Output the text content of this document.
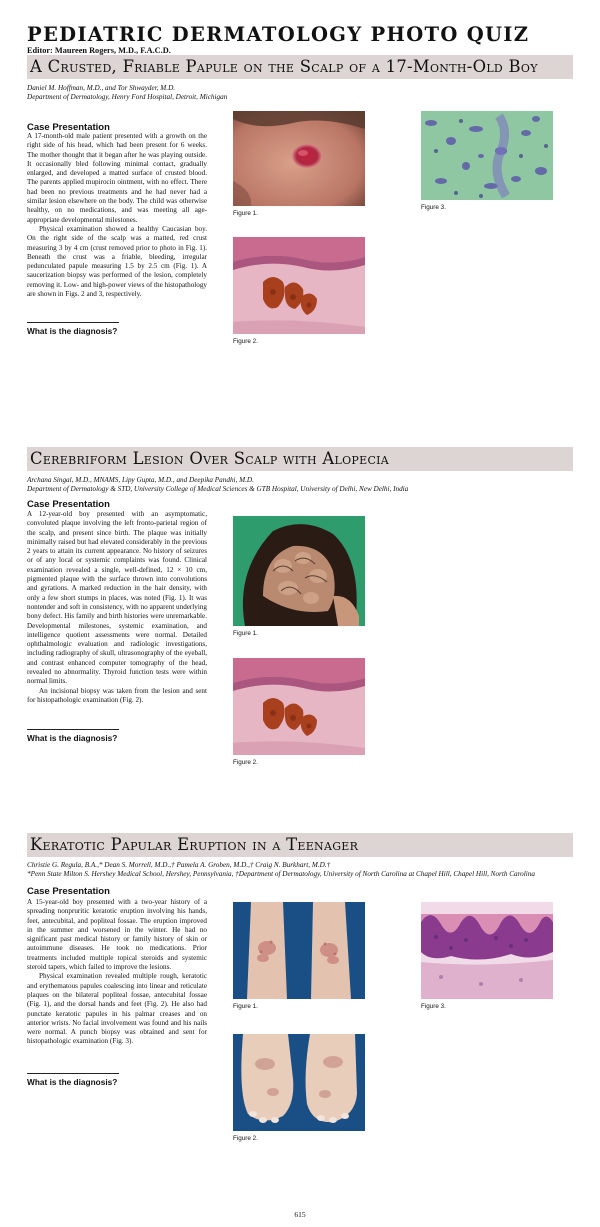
PEDIATRIC DERMATOLOGY PHOTO QUIZ
Editor: Maureen Rogers, M.D., F.A.C.D.
A Crusted, Friable Papule on the Scalp of a 17-Month-Old Boy
Daniel M. Hoffman, M.D., and Tor Shwayder, M.D.
Department of Dermatology, Henry Ford Hospital, Detroit, Michigan
Case Presentation

A 17-month-old male patient presented with a growth on the right side of his head, which had been present for 6 weeks. The mother thought that it began after he was playing outside. It occasionally bled following minimal contact, gradually enlarged, and developed a matted surface of crusted blood. The parents applied mupirocin ointment, with no effect. There had been no previous treatments and he had never had a similar lesion elsewhere on the body. The child was otherwise healthy, on no medications, and was meeting all age-appropriate developmental milestones.

Physical examination showed a healthy Caucasian boy. On the right side of the scalp was a matted, red crust measuring 3 by 4 cm (crust removed prior to photo in Fig. 1). Beneath the crust was a friable, bleeding, irregular pedunculated papule measuring 1.5 by 2.5 cm (Fig. 1). A saucerization biopsy was performed of the lesion, completely removing it. Low- and high-power views of the histopathology are shown in Figs. 2 and 3, respectively.

What is the diagnosis?
Figure 1.
Figure 3.
Figure 2.
Cerebriform Lesion Over Scalp with Alopecia
Archana Singal, M.D., MNAMS, Lipy Gupta, M.D., and Deepika Pandhi, M.D.
Department of Dermatology & STD, University College of Medical Sciences & GTB Hospital, University of Delhi, New Delhi, India
Case Presentation

A 12-year-old boy presented with an asymptomatic, convoluted plaque involving the left fronto-parietal region of the scalp, and present since birth. The plaque was initially minimally raised but had elevated considerably in the previous 2 years to attain its current appearance. No history of seizures or of any local or systemic complaints was found. Clinical examination revealed a single, well-defined, 12 × 10 cm, pigmented plaque with the surface thrown into convolutions and gyrations. A marked reduction in the hair density, with only a few short stumps in places, was noted (Fig. 1). It was nontender and soft in consistency, with no apparent underlying bony defect. His family and birth histories were unremarkable. Developmental milestones, systemic examination, and intelligence quotient assessments were normal. Detailed ophthalmologic evaluation and radiologic investigations, including radiography of skull, ultrasonography of the eyeball, and contrast enhanced computer tomography of the head, revealed no abnormality. Thyroid function tests were within normal limits.

An incisional biopsy was taken from the lesion and sent for histopathologic examination (Fig. 2).

What is the diagnosis?
Figure 1.
Figure 2.
Keratotic Papular Eruption in a Teenager
Christie G. Regula, B.A.,* Dean S. Morrell, M.D.,† Pamela A. Groben, M.D.,† Craig N. Burkhart, M.D.†
*Penn State Milton S. Hershey Medical School, Hershey, Pennsylvania, †Department of Dermatology, University of North Carolina at Chapel Hill, Chapel Hill, North Carolina
Case Presentation

A 15-year-old boy presented with a two-year history of a spreading nonpruritic keratotic eruption involving his hands, feet, antecubital, and popliteal fossae. The eruption improved in the summer and worsened in the winter. He had no significant past medical history or family history of skin or autoimmune diseases. He took no medications. Prior treatments included multiple topical steroids and systemic steroid tapers, which failed to improve the lesions.

Physical examination revealed multiple rough, keratotic and erythematous papules coalescing into linear and reticulate plaques on the bilateral popliteal fossae, antecubital fossae (Fig. 1), and the dorsal hands and feet (Fig. 2). He also had punctate keratotic papules in his palmar creases and on anterior wrists. No facial involvement was found and his nails were normal. A punch biopsy was obtained and sent for histopathologic examination (Fig. 3).

What is the diagnosis?
Figure 1.	Figure 3.
Figure 2.
615
